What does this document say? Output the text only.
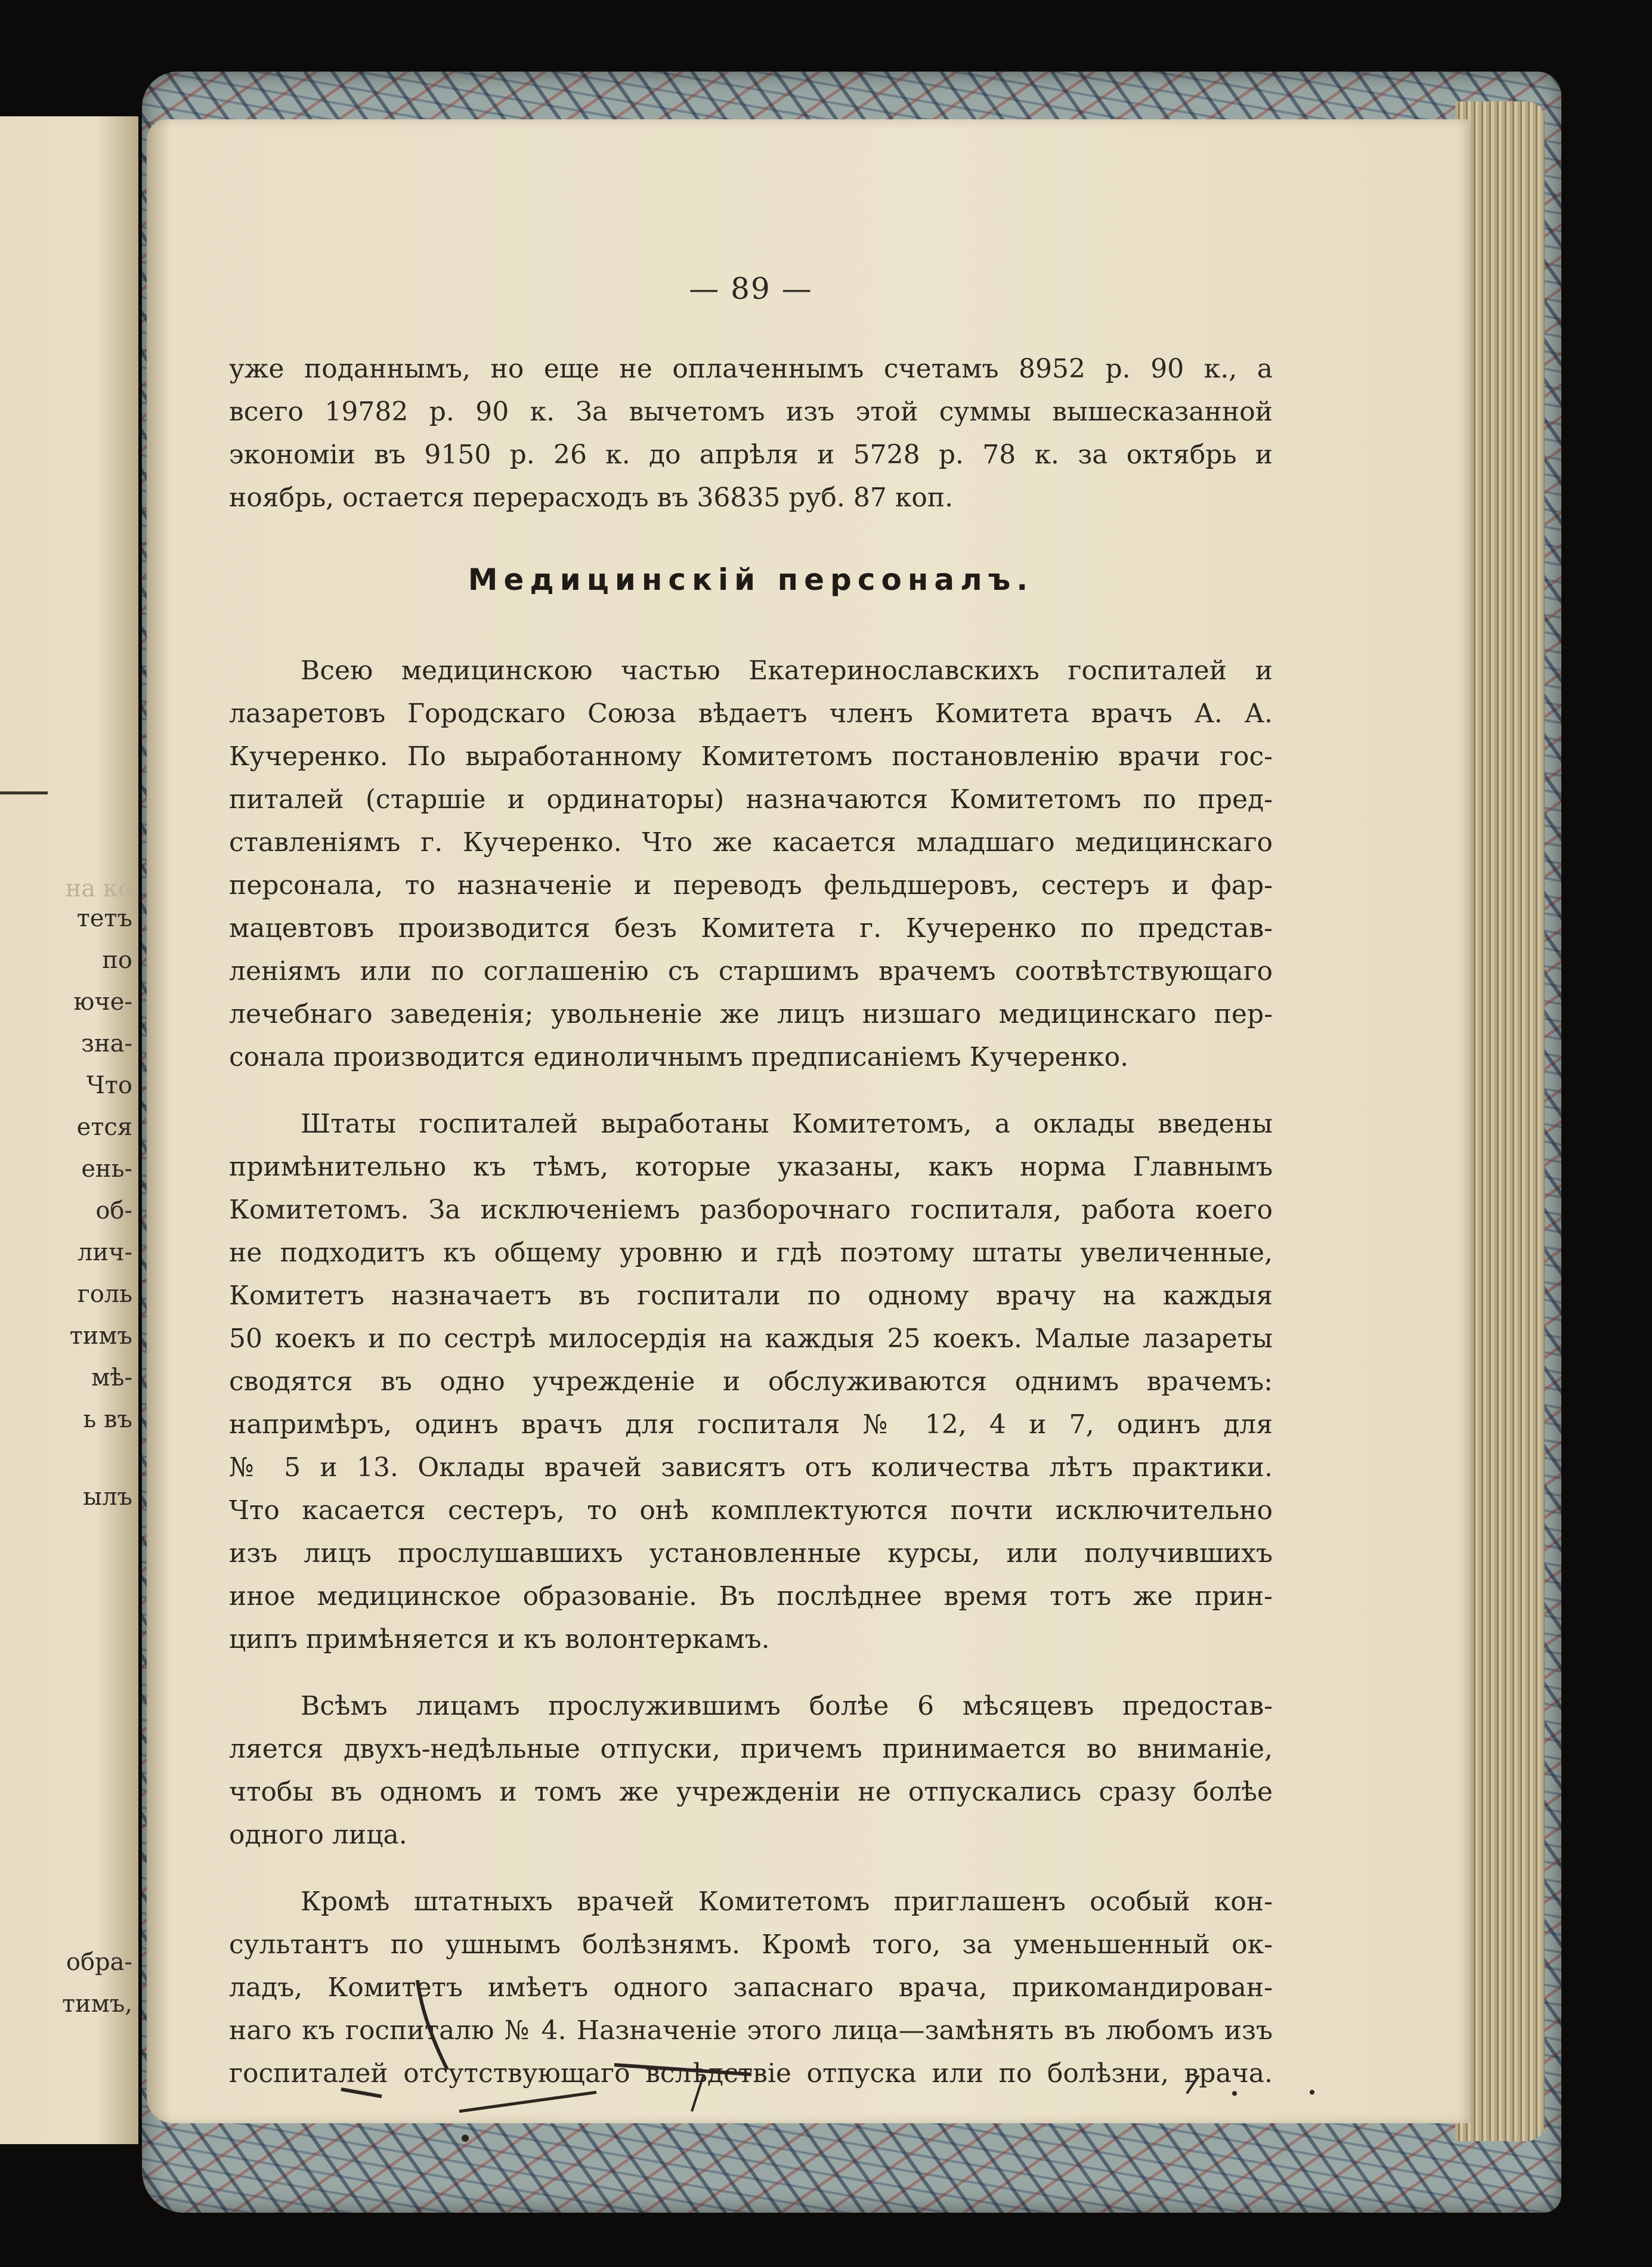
на ко
тетъ
по
юче-
зна-
Что
ется
ень-
об-
лич-
голь
тимъ
мѣ-
ь въ
ылъ
обра-
тимъ,
— 89 —
уже поданнымъ, но еще не оплаченнымъ счетамъ 8952 р. 90 к., а
всего 19782 р. 90 к. За вычетомъ изъ этой суммы вышесказанной
экономiи въ 9150 р. 26 к. до апрѣля и 5728 р. 78 к. за октябрь и
ноябрь, остается перерасходъ въ 36835 руб. 87 коп.
Медицинскій персоналъ.
Всею медицинскою частью Екатеринославскихъ госпиталей и
лазаретовъ Городскаго Союза вѣдаетъ членъ Комитета врачъ А. А.
Кучеренко. По выработанному Комитетомъ постановленію врачи гос-
питалей (старшіе и ординаторы) назначаются Комитетомъ по пред-
ставленіямъ г. Кучеренко. Что же касается младшаго медицинскаго
персонала, то назначеніе и переводъ фельдшеровъ, сестеръ и фар-
мацевтовъ производится безъ Комитета г. Кучеренко по представ-
леніямъ или по соглашенію съ старшимъ врачемъ соотвѣтствующаго
лечебнаго заведенія; увольненіе же лицъ низшаго медицинскаго пер-
сонала производится единоличнымъ предписаніемъ Кучеренко.
Штаты госпиталей выработаны Комитетомъ, а оклады введены
примѣнительно къ тѣмъ, которые указаны, какъ норма Главнымъ
Комитетомъ. За исключеніемъ разборочнаго госпиталя, работа коего
не подходитъ къ общему уровню и гдѣ поэтому штаты увеличенные,
Комитетъ назначаетъ въ госпитали по одному врачу на каждыя
50 коекъ и по сестрѣ милосердія на каждыя 25 коекъ. Малые лазареты
сводятся въ одно учрежденіе и обслуживаются однимъ врачемъ:
напримѣръ, одинъ врачъ для госпиталя № 12, 4 и 7, одинъ для
№ 5 и 13. Оклады врачей зависятъ отъ количества лѣтъ практики.
Что касается сестеръ, то онѣ комплектуются почти исключительно
изъ лицъ прослушавшихъ установленные курсы, или получившихъ
иное медицинское образованіе. Въ послѣднее время тотъ же прин-
ципъ примѣняется и къ волонтеркамъ.
Всѣмъ лицамъ прослужившимъ болѣе 6 мѣсяцевъ предостав-
ляется двухъ-недѣльные отпуски, причемъ принимается во вниманіе,
чтобы въ одномъ и томъ же учрежденіи не отпускались сразу болѣе
одного лица.
Кромѣ штатныхъ врачей Комитетомъ приглашенъ особый кон-
сультантъ по ушнымъ болѣзнямъ. Кромѣ того, за уменьшенный ок-
ладъ, Комитетъ имѣетъ одного запаснаго врача, прикомандирован-
наго къ госпиталю № 4. Назначеніе этого лица—замѣнять въ любомъ изъ
госпиталей отсутствующаго вслѣдствіе отпуска или по болѣзни, врача.
